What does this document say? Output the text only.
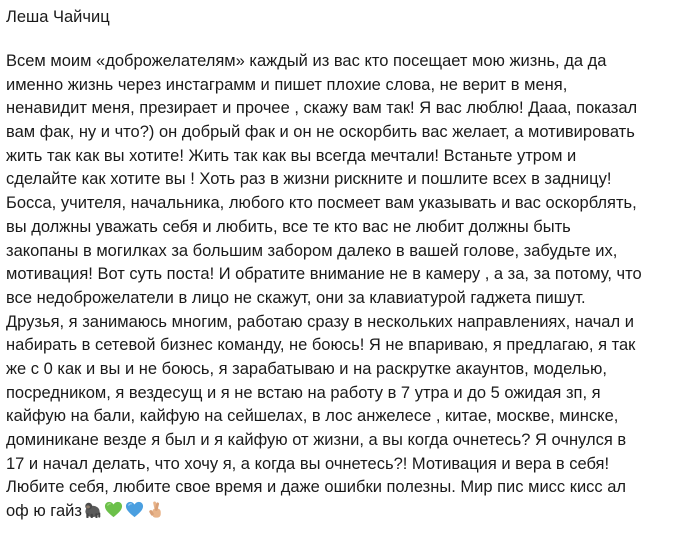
Леша Чайчиц
Всем моим «доброжелателям» каждый из вас кто посещает мою жизнь, да да
именно жизнь через инстаграмм и пишет плохие слова, не верит в меня,
ненавидит меня, презирает и прочее , скажу вам так! Я вас люблю! Дааа, показал
вам фак, ну и что?) он добрый фак и он не оскорбить вас желает, а мотивировать
жить так как вы хотите! Жить так как вы всегда мечтали! Встаньте утром и
сделайте как хотите вы ! Хоть раз в жизни рискните и пошлите всех в задницу!
Босса, учителя, начальника, любого кто посмеет вам указывать и вас оскорблять,
вы должны уважать себя и любить, все те кто вас не любит должны быть
закопаны в могилках за большим забором далеко в вашей голове, забудьте их,
мотивация! Вот суть поста! И обратите внимание не в камеру , а за, за потому, что
все недоброжелатели в лицо не скажут, они за клавиатурой гаджета пишут.
Друзья, я занимаюсь многим, работаю сразу в нескольких направлениях, начал и
набирать в сетевой бизнес команду, не боюсь! Я не впариваю, я предлагаю, я так
же с 0 как и вы и не боюсь, я зарабатываю и на раскрутке акаунтов, моделью,
посредником, я вездесущ и я не встаю на работу в 7 утра и до 5 ожидая зп, я
кайфую на бали, кайфую на сейшелах, в лос анжелесе , китае, москве, минске,
доминикане везде я был и я кайфую от жизни, а вы когда очнетесь? Я очнулся в
17 и начал делать, что хочу я, а когда вы очнетесь?! Мотивация и вера в себя!
Любите себя, любите свое время и даже ошибки полезны. Мир пис мисс кисс ал
оф ю гайз
